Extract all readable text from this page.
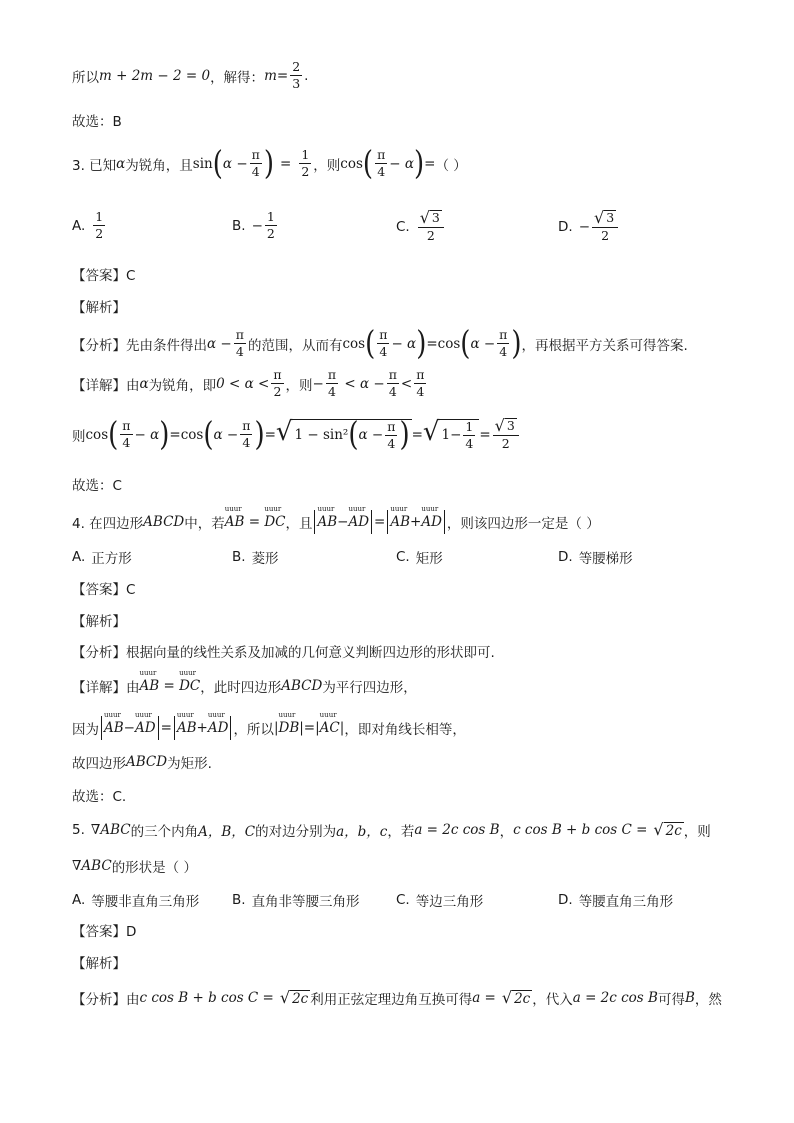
所以 m + 2m − 2 = 0 ，解得： $m= \frac{2}{3}$ .
故选：B
3. 已知 α 为锐角，且 sin ( $\alpha - \frac{\pi}{4}$ ) = $\frac{1}{2}$ ，则 cos ( $\frac{\pi}{4} - \alpha$ ) = （ ）
A. $\frac{1}{2}$	B. − $\frac{1}{2}$	C. $\frac{√ 3}{2}$	D. − $\frac{√ 3}{2}$
【答案】C
【解析】
【分析】先由条件得出 $\alpha - \frac{\pi}{4}$ 的范围，从而有 cos ( $\frac{\pi}{4} - \alpha$ ) = cos ( $\alpha - \frac{\pi}{4}$ ) ，再根据平方关系可得答案.
【详解】由 α 为锐角，即 $0 < \alpha < \frac{\pi}{2}$ ，则 − $\frac{\pi}{4} < \alpha - \frac{\pi}{4} < \frac{\pi}{4}$
则 cos ( $\frac{\pi}{4} - \alpha$ ) = cos ( $\alpha - \frac{\pi}{4}$ ) = √ 1 − sin² ( $\alpha - \frac{\pi}{4}$ ) = √ $1 - \frac{1}{4} = \frac{√ 3}{2}$
故选：C
4. 在四边形 ABCD 中，若 uuur AB
=
uuur DC ，且 uuur AB − uuur AD = uuur AB + uuur AD ，则该四边形一定是（ ）
A. 正方形	B. 菱形	C. 矩形	D. 等腰梯形
【答案】C
【解析】
【分析】根据向量的线性关系及加减的几何意义判断四边形的形状即可.
【详解】由 uuur AB
=
uuur DC ，此时四边形 ABCD 为平行四边形，
因为 uuur AB − uuur AD = uuur AB + uuur AD ，所以 | uuur DB |=| uuur AC | ，即对角线长相等，
故四边形 ABCD 为矩形.
故选：C.
5. ∇ABC 的三个内角 A，B，C 的对边分别为 a，b，c ，若 a = 2c cos B ， c cos B + b cos C = √ 2c ，则
∇ABC 的形状是（ ）
A. 等腰非直角三角形 B. 直角非等腰三角形	C. 等边三角形	D. 等腰直角三角形
【答案】D
【解析】
【分析】由 c cos B + b cos C = √ 2c 利用正弦定理边角互换可得 a = √ 2c ，代入 a = 2c cos B 可得 B ，然
